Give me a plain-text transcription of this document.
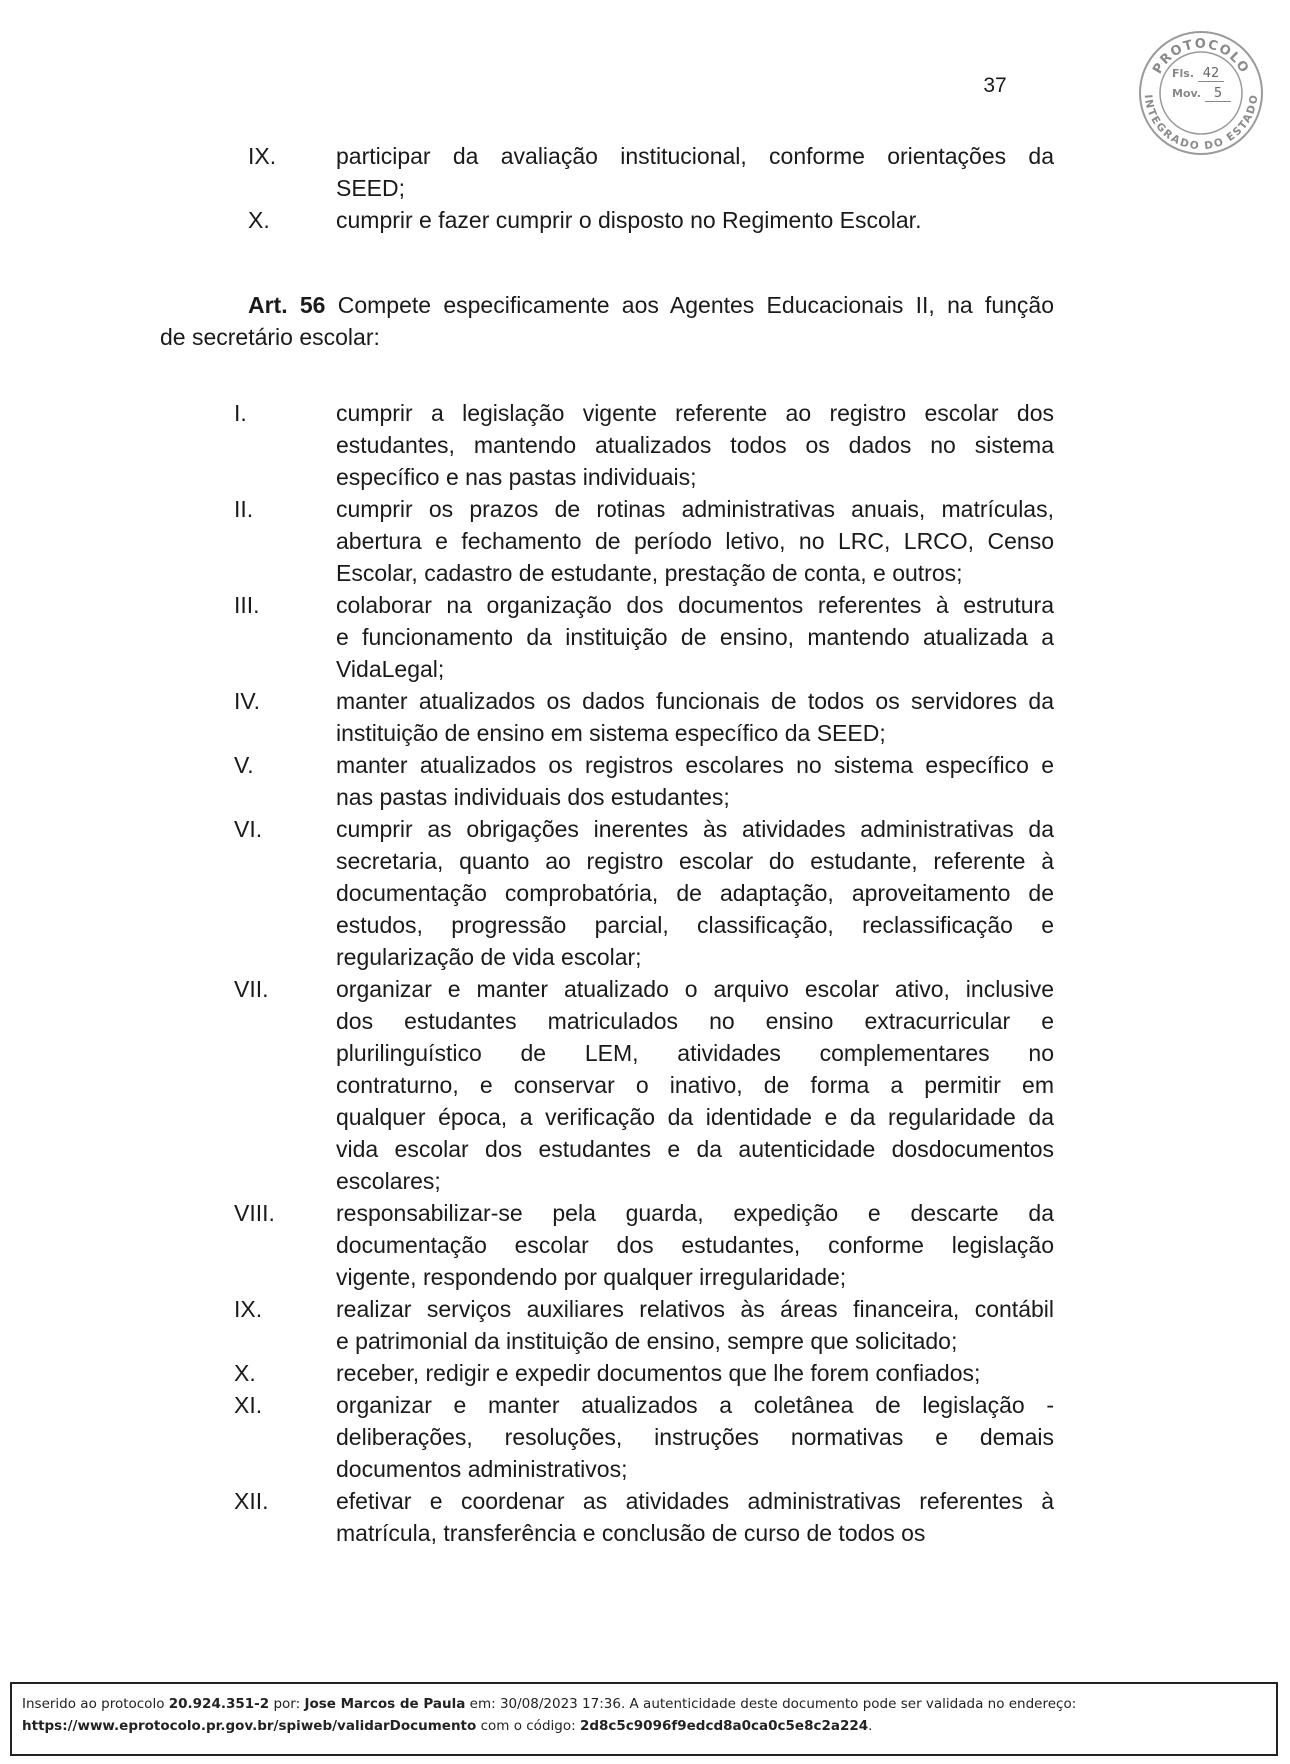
37
PROTOCOLO
INTEGRADO DO ESTADO
Fls. 42
Mov. 5
IX.	participar da avaliação institucional, conforme orientações da
SEED;
X.	cumprir e fazer cumprir o disposto no Regimento Escolar.
Art. 56 Compete especificamente aos Agentes Educacionais II, na função
de secretário escolar:
I.	cumprir a legislação vigente referente ao registro escolar dos
estudantes, mantendo atualizados todos os dados no sistema
específico e nas pastas individuais;
II.	cumprir os prazos de rotinas administrativas anuais, matrículas,
abertura e fechamento de período letivo, no LRC, LRCO, Censo
Escolar, cadastro de estudante, prestação de conta, e outros;
III.	colaborar na organização dos documentos referentes à estrutura
e funcionamento da instituição de ensino, mantendo atualizada a
VidaLegal;
IV.	manter atualizados os dados funcionais de todos os servidores da
instituição de ensino em sistema específico da SEED;
V.	manter atualizados os registros escolares no sistema específico e
nas pastas individuais dos estudantes;
VI.	cumprir as obrigações inerentes às atividades administrativas da
secretaria, quanto ao registro escolar do estudante, referente à
documentação comprobatória, de adaptação, aproveitamento de
estudos, progressão parcial, classificação, reclassificação e
regularização de vida escolar;
VII.	organizar e manter atualizado o arquivo escolar ativo, inclusive
dos estudantes matriculados no ensino extracurricular e
plurilinguístico de LEM, atividades complementares no
contraturno, e conservar o inativo, de forma a permitir em
qualquer época, a verificação da identidade e da regularidade da
vida escolar dos estudantes e da autenticidade dosdocumentos
escolares;
VIII.	responsabilizar-se pela guarda, expedição e descarte da
documentação escolar dos estudantes, conforme legislação
vigente, respondendo por qualquer irregularidade;
IX.	realizar serviços auxiliares relativos às áreas financeira, contábil
e patrimonial da instituição de ensino, sempre que solicitado;
X.	receber, redigir e expedir documentos que lhe forem confiados;
XI.	organizar e manter atualizados a coletânea de legislação -
deliberações, resoluções, instruções normativas e demais
documentos administrativos;
XII.	efetivar e coordenar as atividades administrativas referentes à
matrícula, transferência e conclusão de curso de todos os
Inserido ao protocolo 20.924.351-2 por: Jose Marcos de Paula em: 30/08/2023 17:36. A autenticidade deste documento pode ser validada no endereço:
https://www.eprotocolo.pr.gov.br/spiweb/validarDocumento com o código: 2d8c5c9096f9edcd8a0ca0c5e8c2a224.
